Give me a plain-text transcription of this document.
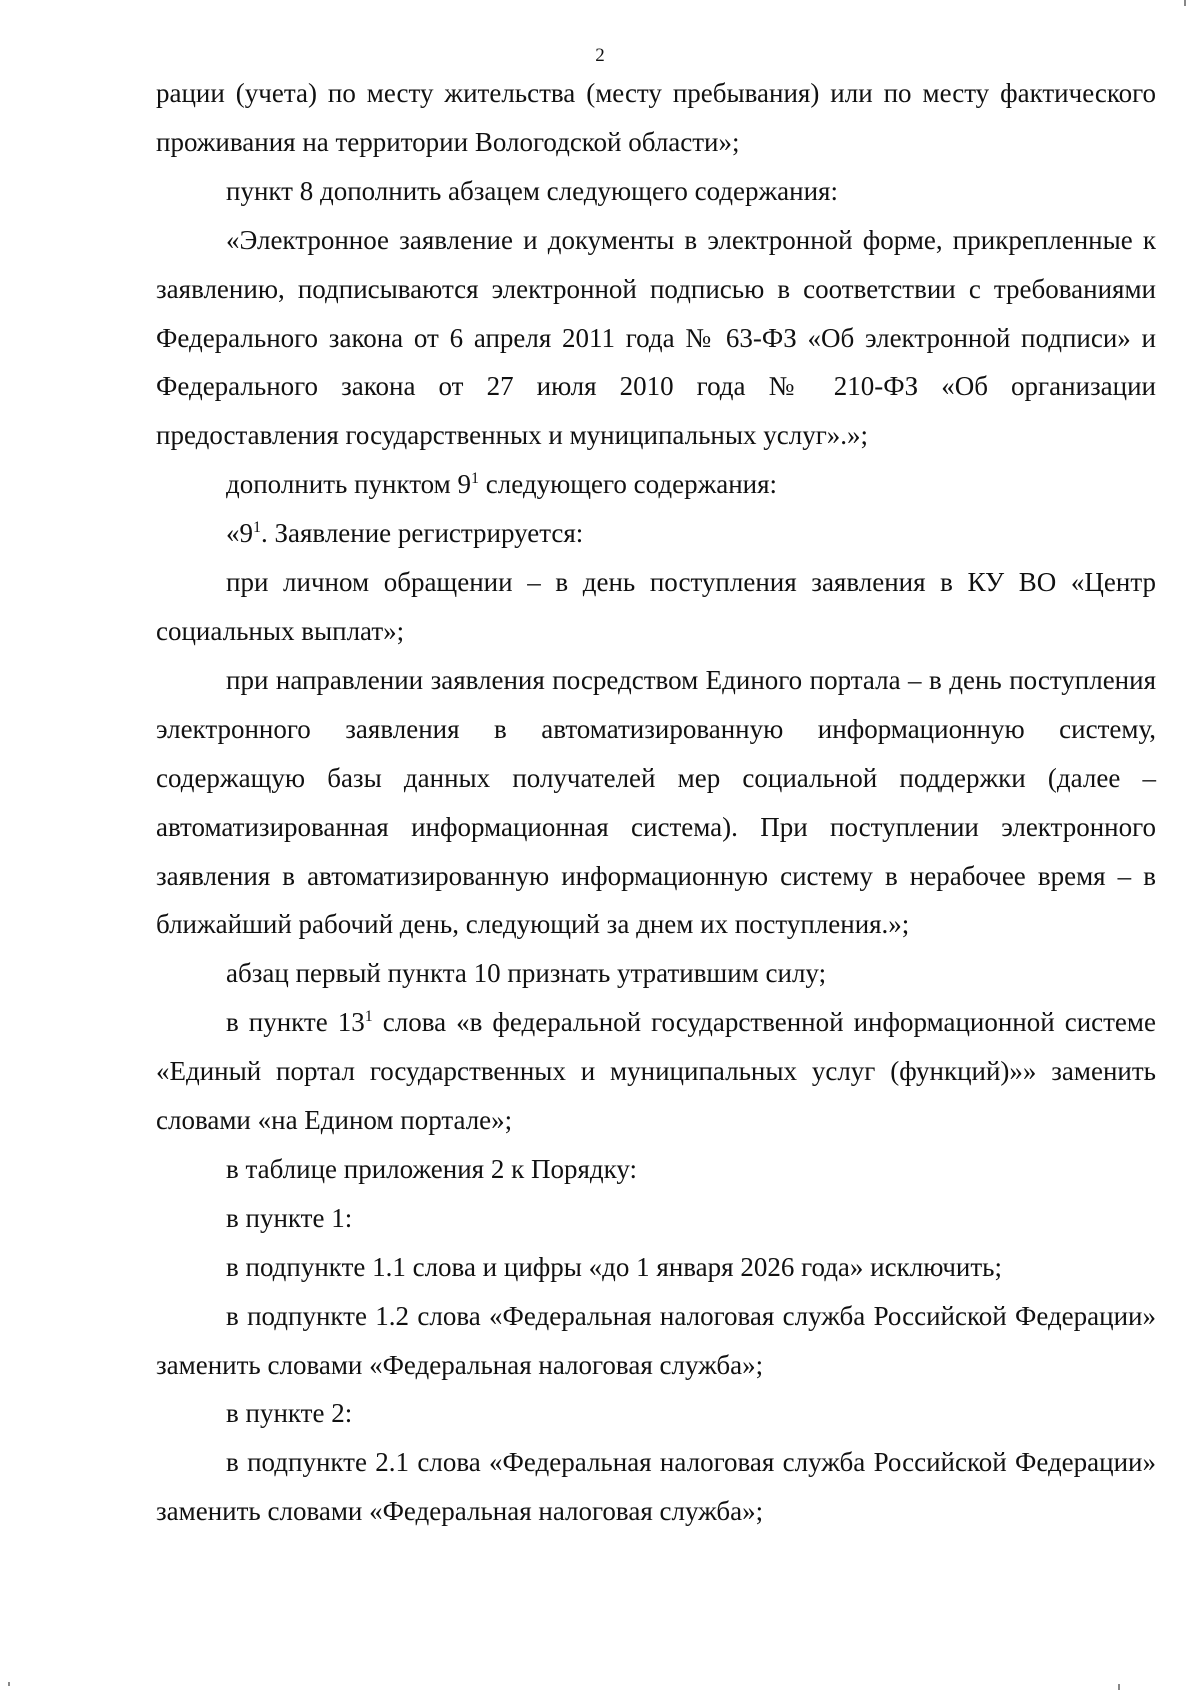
2

рации (учета) по месту жительства (месту пребывания) или по месту фактического проживания на территории Вологодской области»;

пункт 8 дополнить абзацем следующего содержания:

«Электронное заявление и документы в электронной форме, прикрепленные к заявлению, подписываются электронной подписью в соответствии с требованиями Федерального закона от 6 апреля 2011 года № 63-ФЗ «Об электронной подписи» и Федерального закона от 27 июля 2010 года № 210-ФЗ «Об организации предоставления государственных и муниципальных услуг».»;

дополнить пунктом $9^1$ следующего содержания:

«$9^1$. Заявление регистрируется:

при личном обращении – в день поступления заявления в КУ ВО «Центр социальных выплат»;

при направлении заявления посредством Единого портала – в день поступления электронного заявления в автоматизированную информационную систему, содержащую базы данных получателей мер социальной поддержки (далее – автоматизированная информационная система). При поступлении электронного заявления в автоматизированную информационную систему в нерабочее время – в ближайший рабочий день, следующий за днем их поступления.»;

абзац первый пункта 10 признать утратившим силу;

в пункте $13^1$ слова «в федеральной государственной информационной системе «Единый портал государственных и муниципальных услуг (функций)»» заменить словами «на Едином портале»;

в таблице приложения 2 к Порядку:

в пункте 1:

в подпункте 1.1 слова и цифры «до 1 января 2026 года» исключить;

в подпункте 1.2 слова «Федеральная налоговая служба Российской Федерации» заменить словами «Федеральная налоговая служба»;

в пункте 2:

в подпункте 2.1 слова «Федеральная налоговая служба Российской Федерации» заменить словами «Федеральная налоговая служба»;
